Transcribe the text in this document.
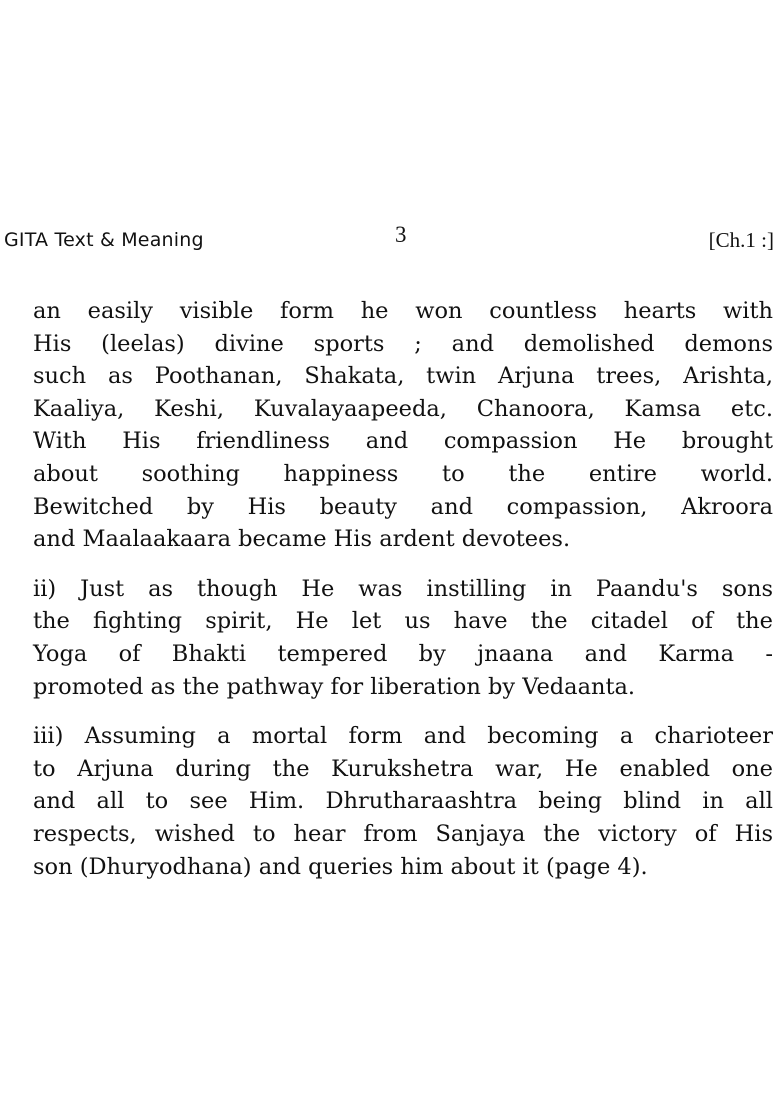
GITA Text & Meaning	3	[Ch.1 :]

an easily visible form he won countless hearts with
His (leelas) divine sports ; and demolished demons
such as Poothanan, Shakata, twin Arjuna trees, Arishta,
Kaaliya, Keshi, Kuvalayaapeeda, Chanoora, Kamsa etc.
With His friendliness and compassion He brought
about soothing happiness to the entire world.
Bewitched by His beauty and compassion, Akroora
and Maalaakaara became His ardent devotees.

ii) Just as though He was instilling in Paandu's sons
the fighting spirit, He let us have the citadel of the
Yoga of Bhakti tempered by jnaana and Karma -
promoted as the pathway for liberation by Vedaanta.

iii) Assuming a mortal form and becoming a charioteer
to Arjuna during the Kurukshetra war, He enabled one
and all to see Him. Dhrutharaashtra being blind in all
respects, wished to hear from Sanjaya the victory of His
son (Dhuryodhana) and queries him about it (page 4).
